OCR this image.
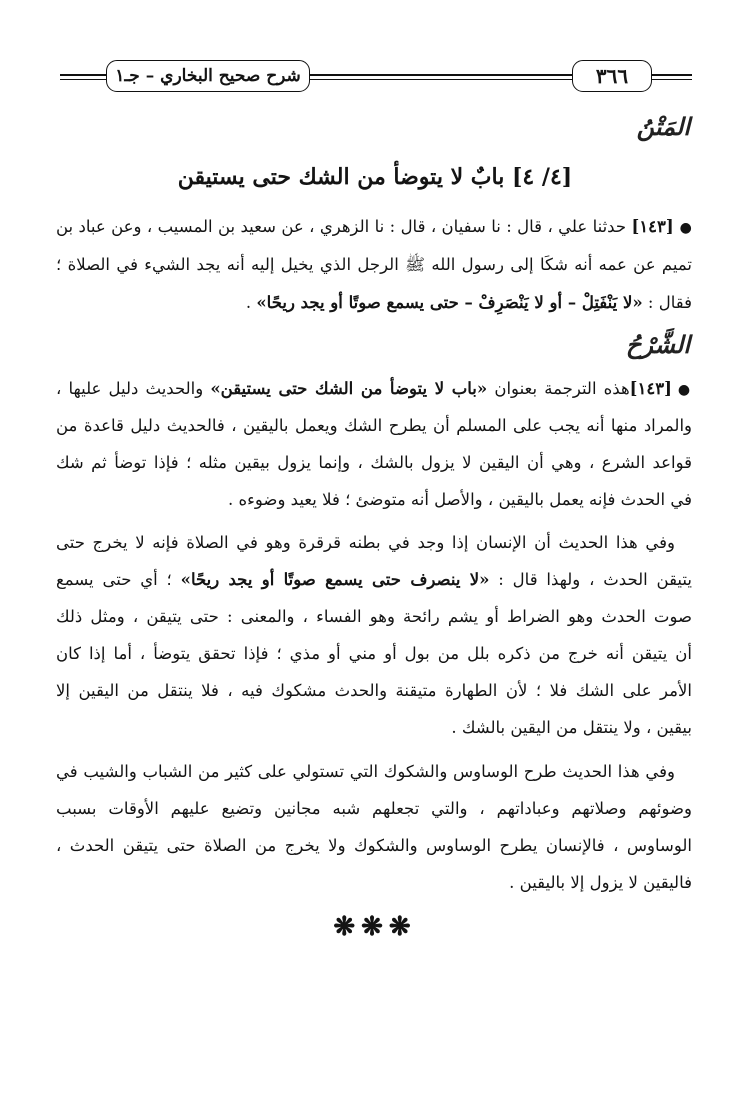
٣٦٦
شرح صحيح البخاري – جـ١
المَتْنُ
[٤/ ٤] بابٌ لا يتوضأ من الشك حتى يستيقن
●[١٤٣] حدثنا علي ، قال : نا سفيان ، قال : نا الزهري ، عن سعيد بن المسيب ، وعن عباد بن
تميم عن عمه أنه شكَا إلى رسول الله ﷺ الرجل الذي يخيل إليه أنه يجد الشيء في الصلاة ؛
فقال : «لا يَنْفَتِلْ – أو لا يَنْصَرِفْ – حتى يسمع صوتًا أو يجد ريحًا» .
الشَّرْحُ
●[١٤٣]هذه الترجمة بعنوان «باب لا يتوضأ من الشك حتى يستيقن» والحديث دليل عليها ،
والمراد منها أنه يجب على المسلم أن يطرح الشك ويعمل باليقين ، فالحديث دليل قاعدة من
قواعد الشرع ، وهي أن اليقين لا يزول بالشك ، وإنما يزول بيقين مثله ؛ فإذا توضأ ثم شك
في الحدث فإنه يعمل باليقين ، والأصل أنه متوضئ ؛ فلا يعيد وضوءه .
وفي هذا الحديث أن الإنسان إذا وجد في بطنه قرقرة وهو في الصلاة فإنه لا يخرج حتى
يتيقن الحدث ، ولهذا قال : «لا ينصرف حتى يسمع صوتًا أو يجد ريحًا» ؛ أي حتى يسمع
صوت الحدث وهو الضراط أو يشم رائحة وهو الفساء ، والمعنى : حتى يتيقن ، ومثل ذلك
أن يتيقن أنه خرج من ذكره بلل من بول أو مني أو مذي ؛ فإذا تحقق يتوضأ ، أما إذا كان
الأمر على الشك فلا ؛ لأن الطهارة متيقنة والحدث مشكوك فيه ، فلا ينتقل من اليقين إلا
بيقين ، ولا ينتقل من اليقين بالشك .
وفي هذا الحديث طرح الوساوس والشكوك التي تستولي على كثير من الشباب والشيب في
وضوئهم وصلاتهم وعباداتهم ، والتي تجعلهم شبه مجانين وتضيع عليهم الأوقات بسبب
الوساوس ، فالإنسان يطرح الوساوس والشكوك ولا يخرج من الصلاة حتى يتيقن الحدث ،
فاليقين لا يزول إلا باليقين .
❋❋❋
